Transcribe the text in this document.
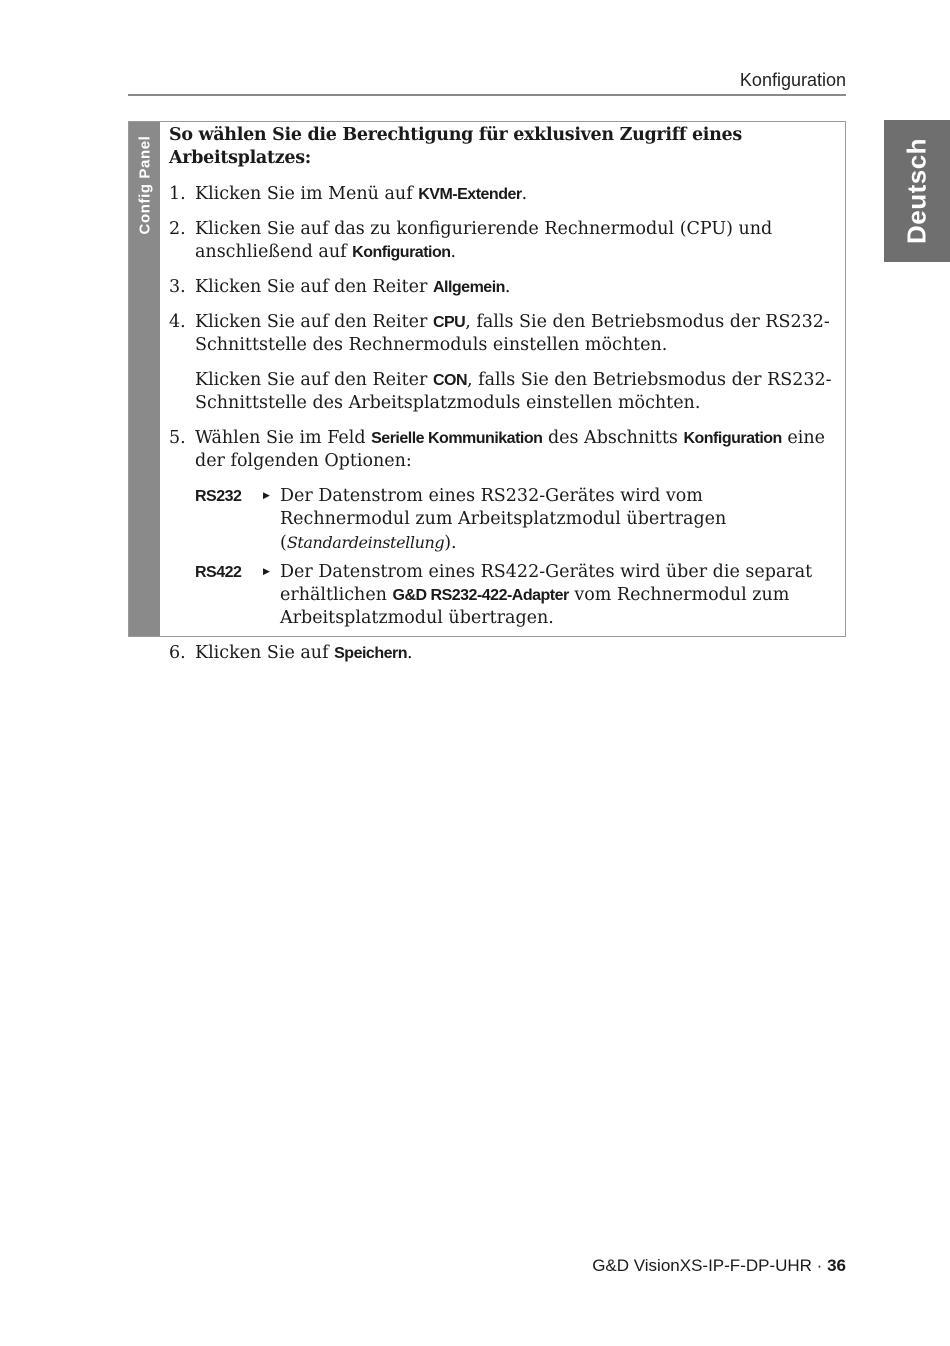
Konfiguration
Deutsch
Config Panel
So wählen Sie die Berechtigung für exklusiven Zugriff eines Arbeitsplatzes:
1. Klicken Sie im Menü auf KVM-Extender.
2. Klicken Sie auf das zu konfigurierende Rechnermodul (CPU) und anschließend auf Konfiguration.
3. Klicken Sie auf den Reiter Allgemein.
4. Klicken Sie auf den Reiter CPU, falls Sie den Betriebsmodus der RS232-Schnittstelle des Rechnermoduls einstellen möchten.
Klicken Sie auf den Reiter CON, falls Sie den Betriebsmodus der RS232-Schnittstelle des Arbeitsplatzmoduls einstellen möchten.
5. Wählen Sie im Feld Serielle Kommunikation des Abschnitts Konfiguration eine der folgenden Optionen:
RS232	▶ Der Datenstrom eines RS232-Gerätes wird vom Rechnermodul zum Arbeitsplatzmodul übertragen (Standardeinstellung).
RS422	▶ Der Datenstrom eines RS422-Gerätes wird über die separat erhältlichen G&D RS232-422-Adapter vom Rechnermodul zum Arbeitsplatzmodul übertragen.
6. Klicken Sie auf Speichern.
G&D VisionXS-IP-F-DP-UHR · 36
